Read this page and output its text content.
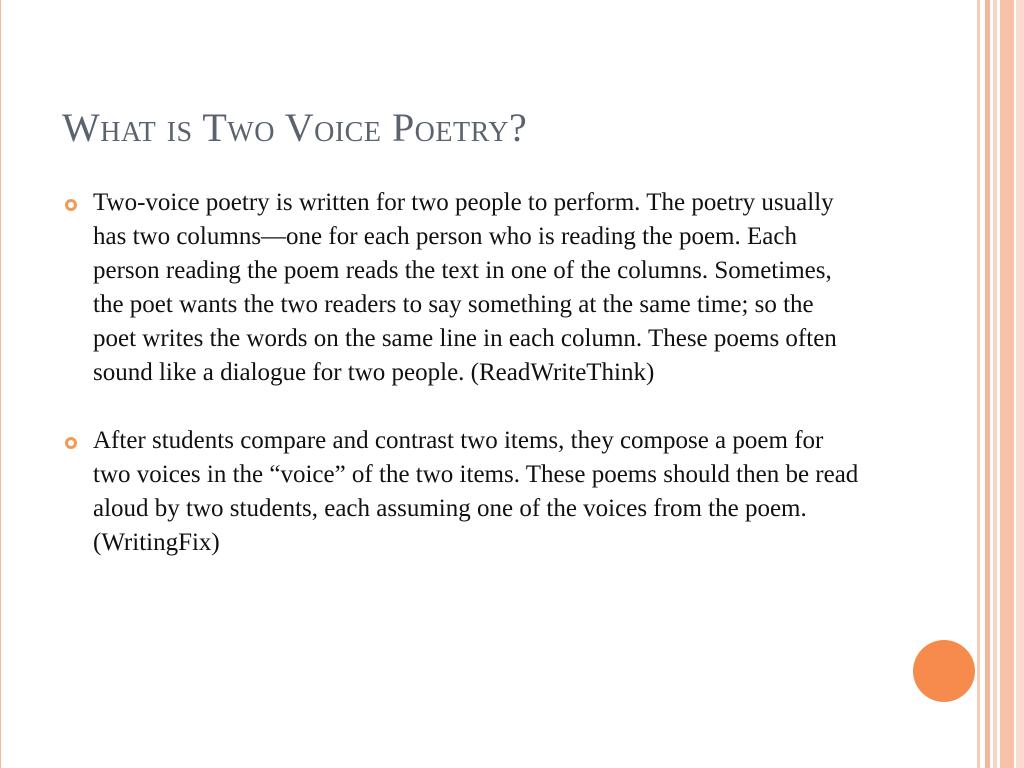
What is Two Voice Poetry?
Two-voice poetry is written for two people to perform. The poetry usually has two columns—one for each person who is reading the poem. Each person reading the poem reads the text in one of the columns. Sometimes, the poet wants the two readers to say something at the same time; so the poet writes the words on the same line in each column. These poems often sound like a dialogue for two people. (ReadWriteThink)
After students compare and contrast two items, they compose a poem for two voices in the “voice” of the two items. These poems should then be read aloud by two students, each assuming one of the voices from the poem. (WritingFix)
